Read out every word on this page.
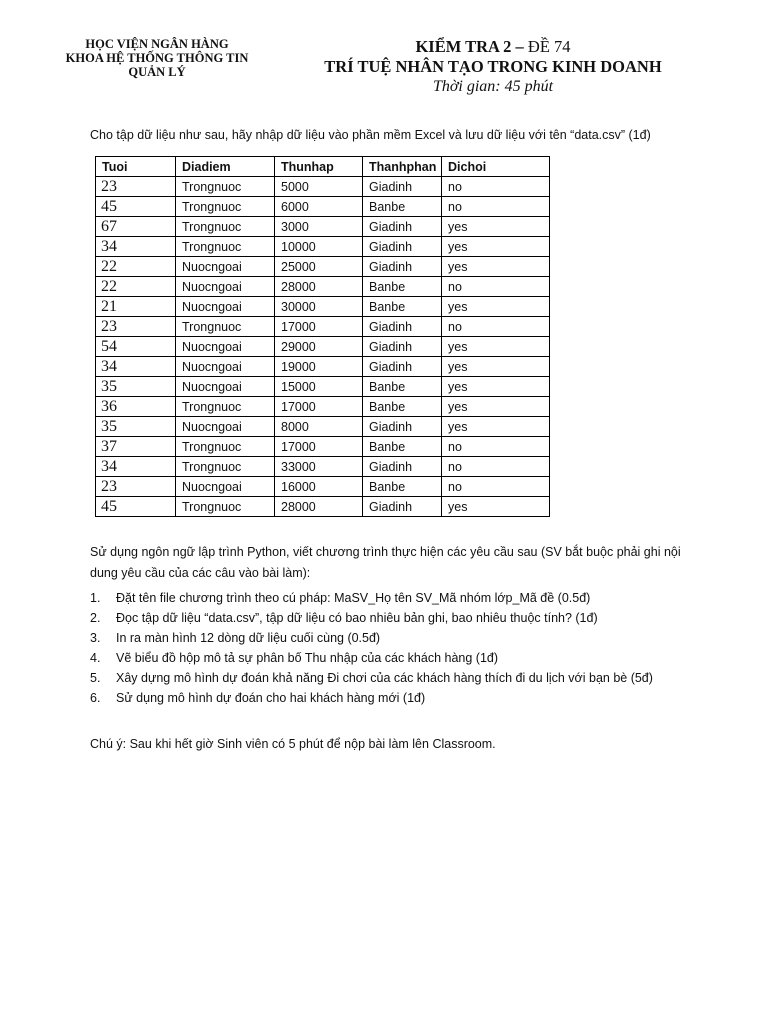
HỌC VIỆN NGÂN HÀNG
KHOA HỆ THỐNG THÔNG TIN
QUẢN LÝ
KIỂM TRA 2 – ĐỀ 74
TRÍ TUỆ NHÂN TẠO TRONG KINH DOANH
Thời gian: 45 phút
Cho tập dữ liệu như sau, hãy nhập dữ liệu vào phần mềm Excel và lưu dữ liệu với tên “data.csv” (1đ)
Tuoi	Diadiem	Thunhap	Thanhphan	Dichoi
23	Trongnuoc	5000	Giadinh	no
45	Trongnuoc	6000	Banbe	no
67	Trongnuoc	3000	Giadinh	yes
34	Trongnuoc	10000	Giadinh	yes
22	Nuocngoai	25000	Giadinh	yes
22	Nuocngoai	28000	Banbe	no
21	Nuocngoai	30000	Banbe	yes
23	Trongnuoc	17000	Giadinh	no
54	Nuocngoai	29000	Giadinh	yes
34	Nuocngoai	19000	Giadinh	yes
35	Nuocngoai	15000	Banbe	yes
36	Trongnuoc	17000	Banbe	yes
35	Nuocngoai	8000	Giadinh	yes
37	Trongnuoc	17000	Banbe	no
34	Trongnuoc	33000	Giadinh	no
23	Nuocngoai	16000	Banbe	no
45	Trongnuoc	28000	Giadinh	yes
Sử dụng ngôn ngữ lập trình Python, viết chương trình thực hiện các yêu cầu sau (SV bắt buộc phải ghi nội dung yêu cầu của các câu vào bài làm):
1.	Đặt tên file chương trình theo cú pháp: MaSV_Họ tên SV_Mã nhóm lớp_Mã đề (0.5đ)
2.	Đọc tập dữ liệu “data.csv”, tập dữ liệu có bao nhiêu bản ghi, bao nhiêu thuộc tính? (1đ)
3.	In ra màn hình 12 dòng dữ liệu cuối cùng (0.5đ)
4.	Vẽ biểu đồ hộp mô tả sự phân bố Thu nhập của các khách hàng (1đ)
5.	Xây dựng mô hình dự đoán khả năng Đi chơi của các khách hàng thích đi du lịch với bạn bè (5đ)
6.	Sử dụng mô hình dự đoán cho hai khách hàng mới (1đ)
Chú ý: Sau khi hết giờ Sinh viên có 5 phút để nộp bài làm lên Classroom.
